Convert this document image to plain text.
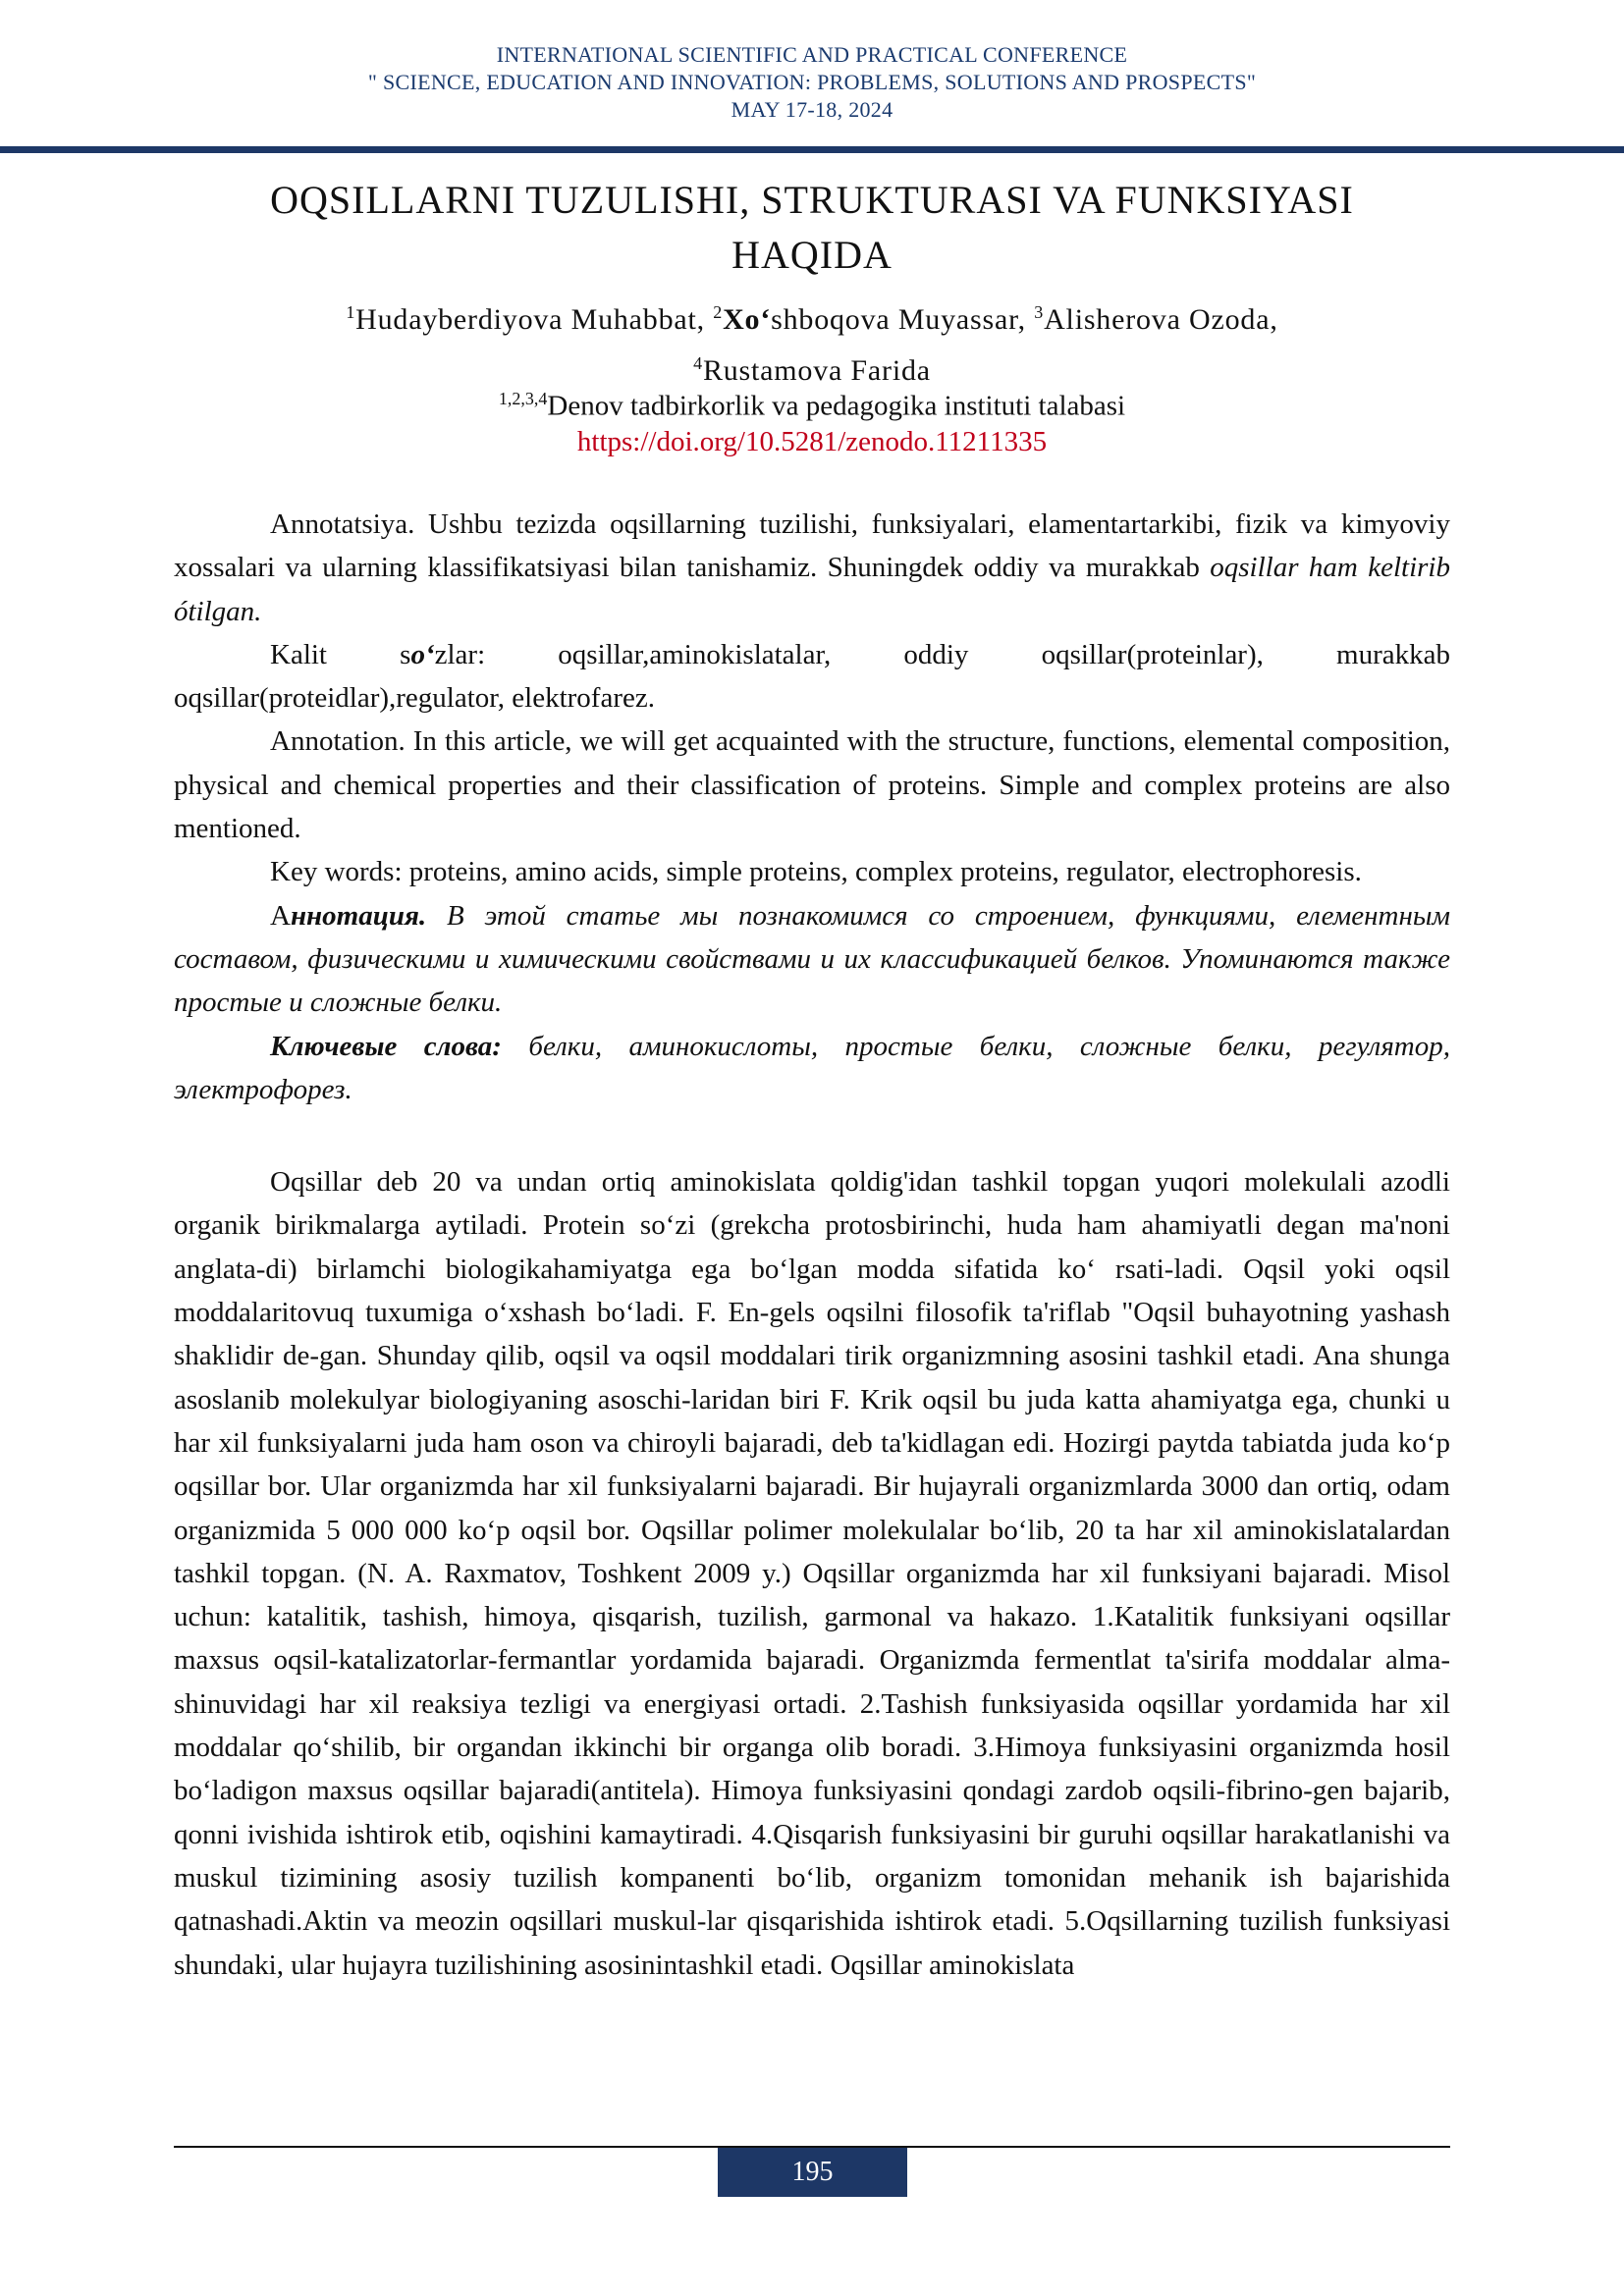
INTERNATIONAL SCIENTIFIC AND PRACTICAL CONFERENCE
" SCIENCE, EDUCATION AND INNOVATION: PROBLEMS, SOLUTIONS AND PROSPECTS"
MAY 17-18, 2024
OQSILLARNI TUZULISHI, STRUKTURASI VA FUNKSIYASI
HAQIDA
$^1$Hudayberdiyova Muhabbat, $^2$Xo‘shboqova Muyassar, $^3$Alisherova Ozoda,
$^4$Rustamova Farida
$^{1,2,3,4}$Denov tadbirkorlik va pedagogika instituti talabasi
https://doi.org/10.5281/zenodo.11211335

Annotatsiya. Ushbu tezizda oqsillarning tuzilishi, funksiyalari, elamentartarkibi, fizik va kimyoviy xossalari va ularning klassifikatsiyasi bilan tanishamiz. Shuningdek oddiy va murakkab oqsillar ham keltirib ótilgan.

Kalit so‘zlar: oqsillar,aminokislatalar, oddiy oqsillar(proteinlar), murakkab oqsillar(proteidlar),regulator, elektrofarez.

Annotation. In this article, we will get acquainted with the structure, functions, elemental composition, physical and chemical properties and their classification of proteins. Simple and complex proteins are also mentioned.

Key words: proteins, amino acids, simple proteins, complex proteins, regulator, electrophoresis.

Аннотация. В этой статье мы познакомимся со строением, функциями, елементным составом, физическими и химическими свойствами и их классификацией белков. Упоминаются также простые и сложные белки.

Ключевые слова: белки, аминокислоты, простые белки, сложные белки, регулятор, электрофорез.

Oqsillar deb 20 va undan ortiq aminokislata qoldig'idan tashkil topgan yuqori molekulali azodli organik birikmalarga aytiladi. Protein so‘zi (grekcha protosbirinchi, huda ham ahamiyatli degan ma'noni anglata-di) birlamchi biologikahamiyatga ega bo‘lgan modda sifatida ko‘ rsati-ladi. Oqsil yoki oqsil moddalaritovuq tuxumiga o‘xshash bo‘ladi. F. En-gels oqsilni filosofik ta'riflab "Oqsil buhayotning yashash shaklidir de-gan. Shunday qilib, oqsil va oqsil moddalari tirik organizmning asosini tashkil etadi. Ana shunga asoslanib molekulyar biologiyaning asoschi-laridan biri F. Krik oqsil bu juda katta ahamiyatga ega, chunki u har xil funksiyalarni juda ham oson va chiroyli bajaradi, deb ta'kidlagan edi. Hozirgi paytda tabiatda juda ko‘p oqsillar bor. Ular organizmda har xil funksiyalarni bajaradi. Bir hujayrali organizmlarda 3000 dan ortiq, odam organizmida 5 000 000 ko‘p oqsil bor. Oqsillar polimer molekulalar bo‘lib, 20 ta har xil aminokislatalardan tashkil topgan. (N. A. Raxmatov, Toshkent 2009 y.) Oqsillar organizmda har xil funksiyani bajaradi. Misol uchun: katalitik, tashish, himoya, qisqarish, tuzilish, garmonal va hakazo. 1.Katalitik funksiyani oqsillar maxsus oqsil-katalizatorlar-fermantlar yordamida bajaradi. Organizmda fermentlat ta'sirifa moddalar alma-shinuvidagi har xil reaksiya tezligi va energiyasi ortadi. 2.Tashish funksiyasida oqsillar yordamida har xil moddalar qo‘shilib, bir organdan ikkinchi bir organga olib boradi. 3.Himoya funksiyasini organizmda hosil bo‘ladigon maxsus oqsillar bajaradi(antitela). Himoya funksiyasini qondagi zardob oqsili-fibrino-gen bajarib, qonni ivishida ishtirok etib, oqishini kamaytiradi. 4.Qisqarish funksiyasini bir guruhi oqsillar harakatlanishi va muskul tizimining asosiy tuzilish kompanenti bo‘lib, organizm tomonidan mehanik ish bajarishida qatnashadi.Aktin va meozin oqsillari muskul-lar qisqarishida ishtirok etadi. 5.Oqsillarning tuzilish funksiyasi shundaki, ular hujayra tuzilishining asosinintashkil etadi. Oqsillar aminokislata

195
